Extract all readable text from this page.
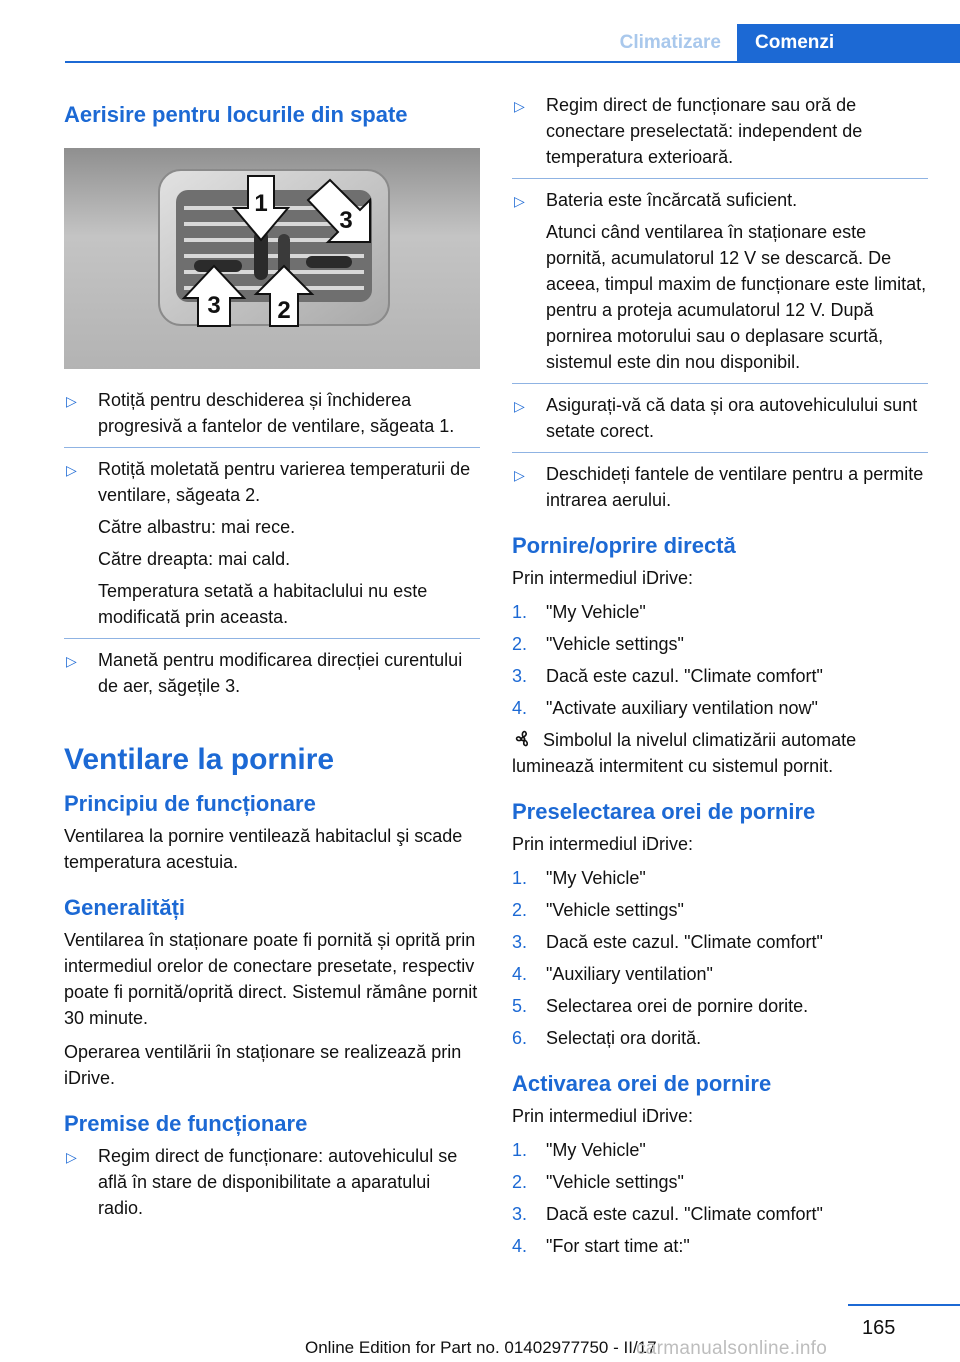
Climatizare	Comenzi
Aerisire pentru locurile din spate
1
2
3
3
▷ Rotiță pentru deschiderea și închiderea progresivă a fantelor de ventilare, săgeata 1.
▷ Rotiță moletată pentru varierea temperaturii de ventilare, săgeata 2.
Către albastru: mai rece.
Către dreapta: mai cald.
Temperatura setată a habitaclului nu este modificată prin aceasta.
▷ Manetă pentru modificarea direcției curentului de aer, săgețile 3.
Ventilare la pornire
Principiu de funcționare

Ventilarea la pornire ventilează habitaclul şi scade temperatura acestuia.

Generalități

Ventilarea în staționare poate fi pornită și oprită prin intermediul orelor de conectare presetate, respectiv poate fi pornită/oprită direct. Sistemul rămâne pornit 30 minute.

Operarea ventilării în staționare se realizează prin iDrive.

Premise de funcționare
▷ Regim direct de funcționare: autovehiculul se află în stare de disponibilitate a aparatului radio.
▷ Regim direct de funcționare sau oră de conectare preselectată: independent de temperatura exterioară.
▷ Bateria este încărcată suficient.
Atunci când ventilarea în staționare este pornită, acumulatorul 12 V se descarcă. De aceea, timpul maxim de funcționare este limitat, pentru a proteja acumulatorul 12 V. După pornirea motorului sau o deplasare scurtă, sistemul este din nou disponibil.
▷ Asigurați-vă că data și ora autovehiculului sunt setate corect.
▷ Deschideți fantele de ventilare pentru a permite intrarea aerului.
Pornire/oprire directă

Prin intermediul iDrive:

1. "My Vehicle"
2. "Vehicle settings"
3. Dacă este cazul. "Climate comfort"
4. "Activate auxiliary ventilation now"

Simbolul la nivelul climatizării automate luminează intermitent cu sistemul pornit.

Preselectarea orei de pornire

Prin intermediul iDrive:

1. "My Vehicle"
2. "Vehicle settings"
3. Dacă este cazul. "Climate comfort"
4. "Auxiliary ventilation"
5. Selectarea orei de pornire dorite.
6. Selectați ora dorită.
Activarea orei de pornire

Prin intermediul iDrive:

1. "My Vehicle"
2. "Vehicle settings"
3. Dacă este cazul. "Climate comfort"
4. "For start time at:"
165
Online Edition for Part no. 01402977750 - II/17
carmanualsonline.info
